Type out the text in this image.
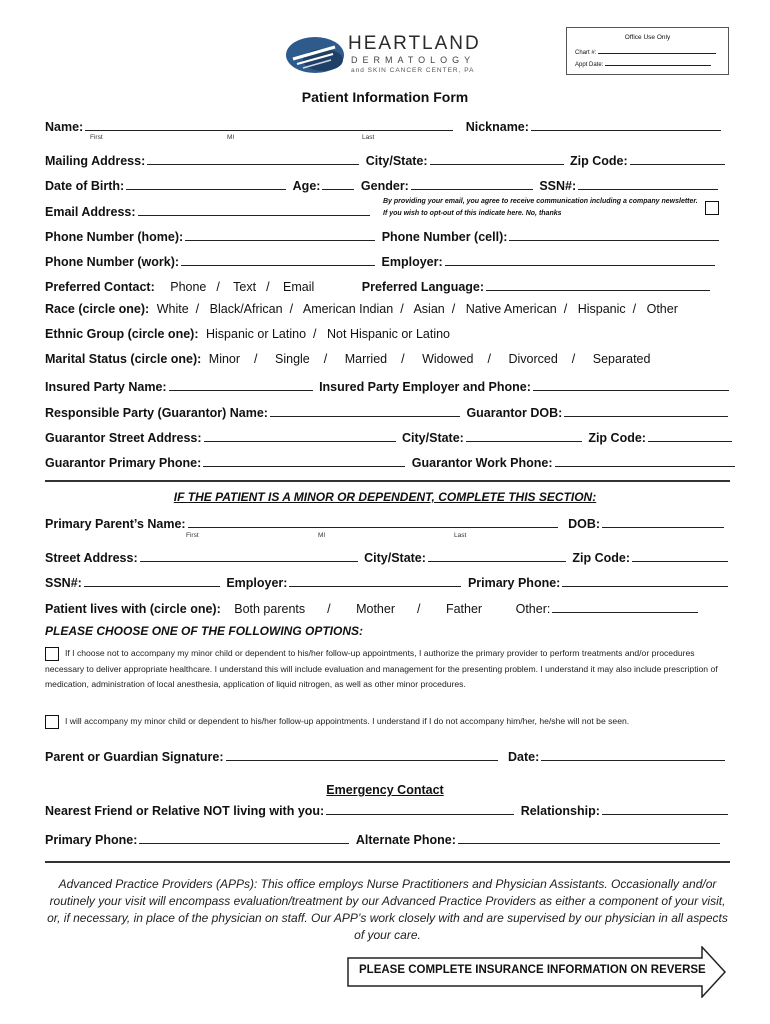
HEARTLAND
DERMATOLOGY
and SKIN CANCER CENTER, PA
Office Use Only
Chart #:
Appt Date:
Patient Information Form
Name:	Nickname:
First	MI	Last
Mailing Address:	City/State:	Zip Code:
Date of Birth:	Age:	Gender:	SSN#:
Email Address:
By providing your email, you agree to receive communication including a company newsletter. If you wish to opt-out of this indicate here. No, thanks
Phone Number (home):	Phone Number (cell):
Phone Number (work):	Employer:
Preferred Contact: Phone / Text / Email	Preferred Language:
Race (circle one): White / Black/African / American Indian / Asian / Native American / Hispanic / Other
Ethnic Group (circle one): Hispanic or Latino / Not Hispanic or Latino
Marital Status (circle one): Minor / Single / Married / Widowed / Divorced / Separated
Insured Party Name:	Insured Party Employer and Phone:
Responsible Party (Guarantor) Name:	Guarantor DOB:
Guarantor Street Address:	City/State:	Zip Code:
Guarantor Primary Phone:	Guarantor Work Phone:
IF THE PATIENT IS A MINOR OR DEPENDENT, COMPLETE THIS SECTION:
Primary Parent’s Name:	DOB:
First	MI	Last
Street Address:	City/State:	Zip Code:
SSN#:	Employer:	Primary Phone:
Patient lives with (circle one): Both parents / Mother / Father	Other:
PLEASE CHOOSE ONE OF THE FOLLOWING OPTIONS:
If I choose not to accompany my minor child or dependent to his/her follow-up appointments, I authorize the primary provider to perform treatments and/or procedures necessary to deliver appropriate healthcare. I understand this will include evaluation and management for the presenting problem. I understand it may also include prescription of medication, administration of local anesthesia, application of liquid nitrogen, as well as other minor procedures.
I will accompany my minor child or dependent to his/her follow-up appointments. I understand if I do not accompany him/her, he/she will not be seen.
Parent or Guardian Signature:	Date:
Emergency Contact
Nearest Friend or Relative NOT living with you:	Relationship:
Primary Phone:	Alternate Phone:
Advanced Practice Providers (APPs): This office employs Nurse Practitioners and Physician Assistants. Occasionally and/or routinely your visit will encompass evaluation/treatment by our Advanced Practice Providers as either a component of your visit, or, if necessary, in place of the physician on staff. Our APP’s work closely with and are supervised by our physician in all aspects of your care.
PLEASE COMPLETE INSURANCE INFORMATION ON REVERSE
